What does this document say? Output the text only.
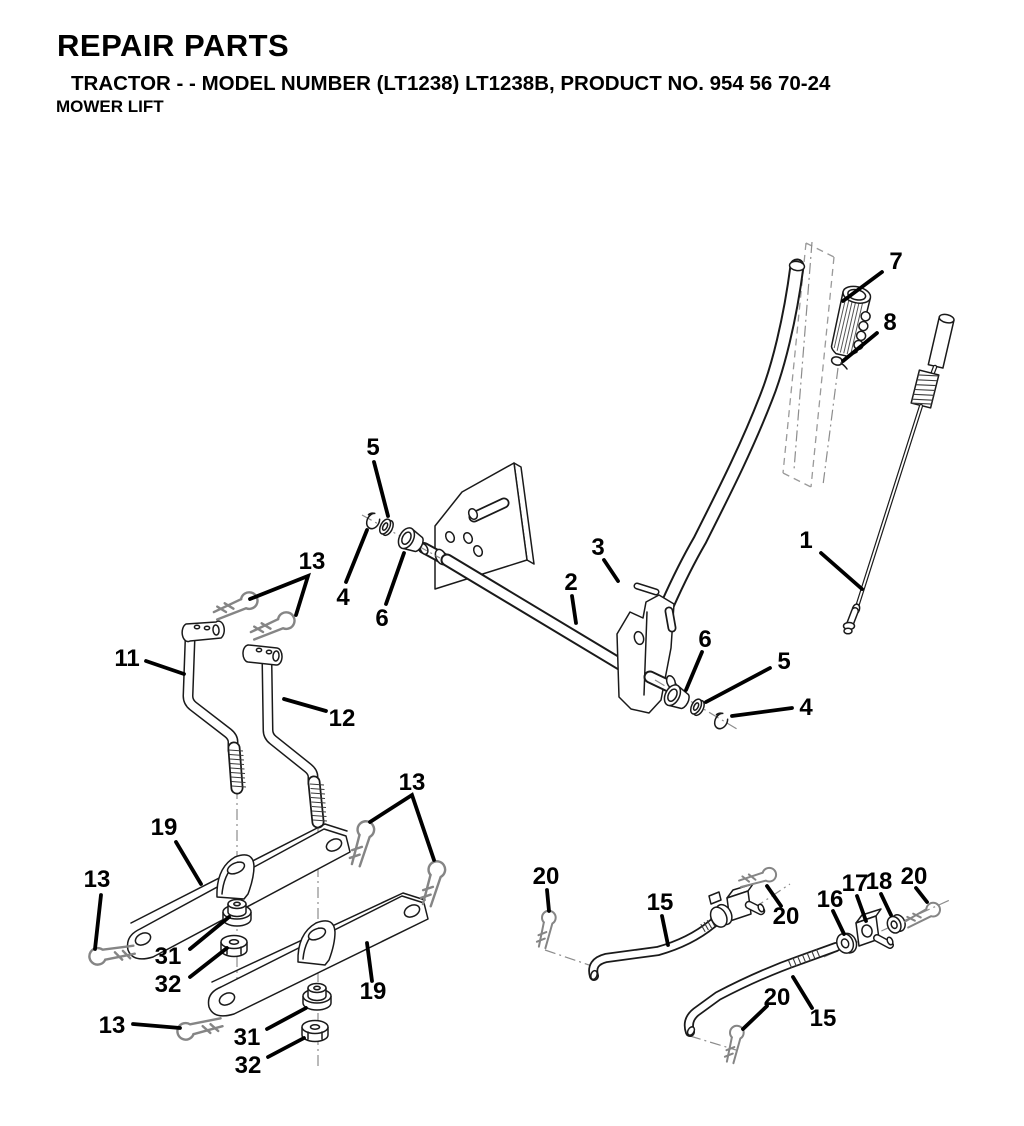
REPAIR PARTS
TRACTOR - - MODEL NUMBER (LT1238) LT1238B, PRODUCT NO. 954 56 70-24
MOWER LIFT
7
8
1
5
4
6
13
11
12
3
2
6
5
4
19
13
31
32
13	31
32
19
13
20
15
20
16
17
18 20
20
15
